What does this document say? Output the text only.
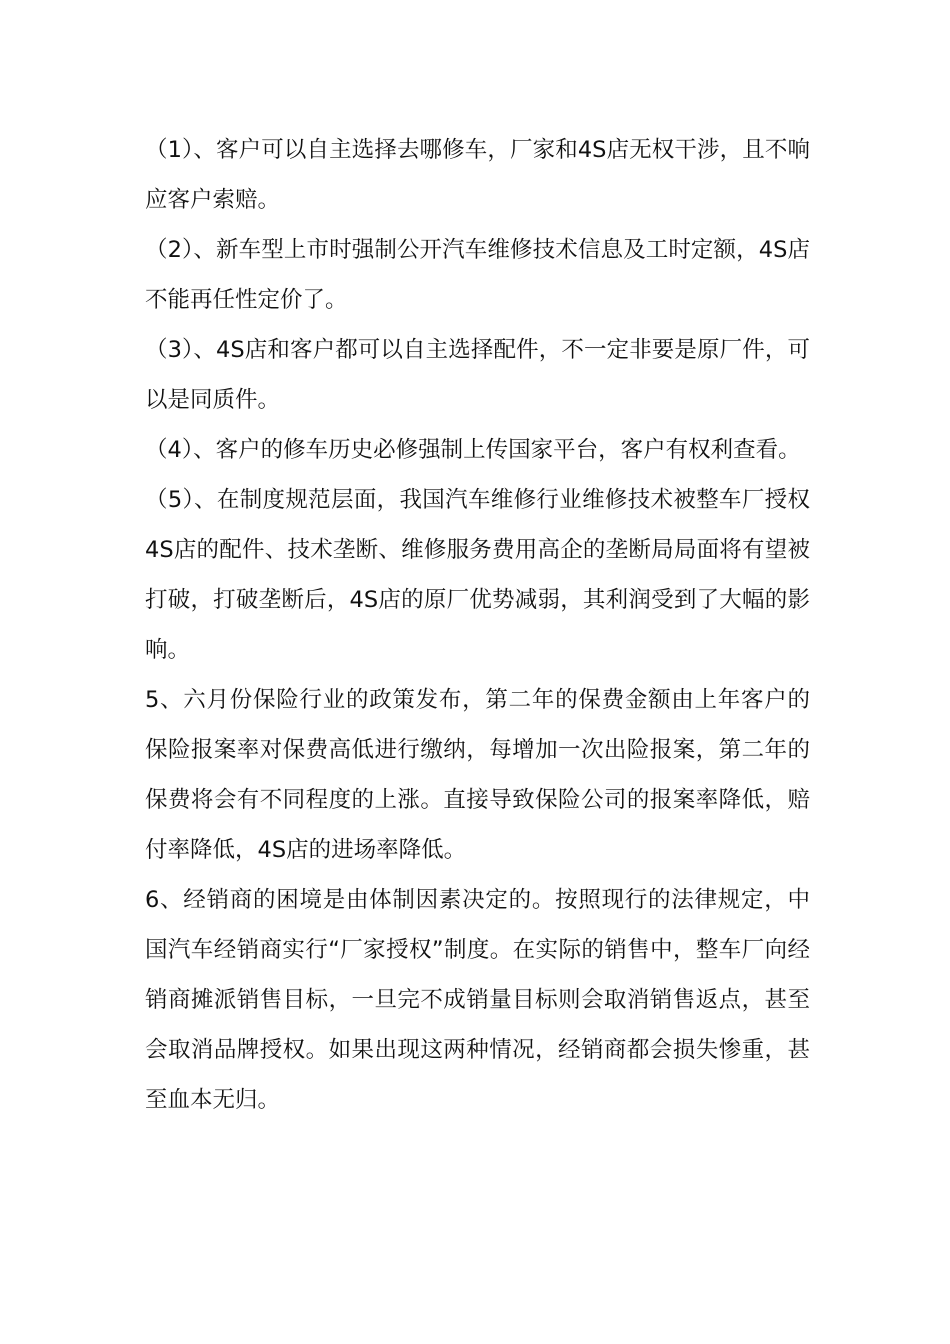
（1）、客户可以自主选择去哪修车，厂家和4S店无权干涉，且不响应客户索赔。

（2）、新车型上市时强制公开汽车维修技术信息及工时定额，4S店不能再任性定价了。

（3）、4S店和客户都可以自主选择配件，不一定非要是原厂件，可以是同质件。

（4）、客户的修车历史必修强制上传国家平台，客户有权利查看。

（5）、在制度规范层面，我国汽车维修行业维修技术被整车厂授权4S店的配件、技术垄断、维修服务费用高企的垄断局局面将有望被打破，打破垄断后，4S店的原厂优势减弱，其利润受到了大幅的影响。

5、六月份保险行业的政策发布，第二年的保费金额由上年客户的保险报案率对保费高低进行缴纳，每增加一次出险报案，第二年的保费将会有不同程度的上涨。直接导致保险公司的报案率降低，赔付率降低，4S店的进场率降低。

6、经销商的困境是由体制因素决定的。按照现行的法律规定，中国汽车经销商实行“厂家授权”制度。在实际的销售中，整车厂向经销商摊派销售目标，一旦完不成销量目标则会取消销售返点，甚至会取消品牌授权。如果出现这两种情况，经销商都会损失惨重，甚至血本无归。
